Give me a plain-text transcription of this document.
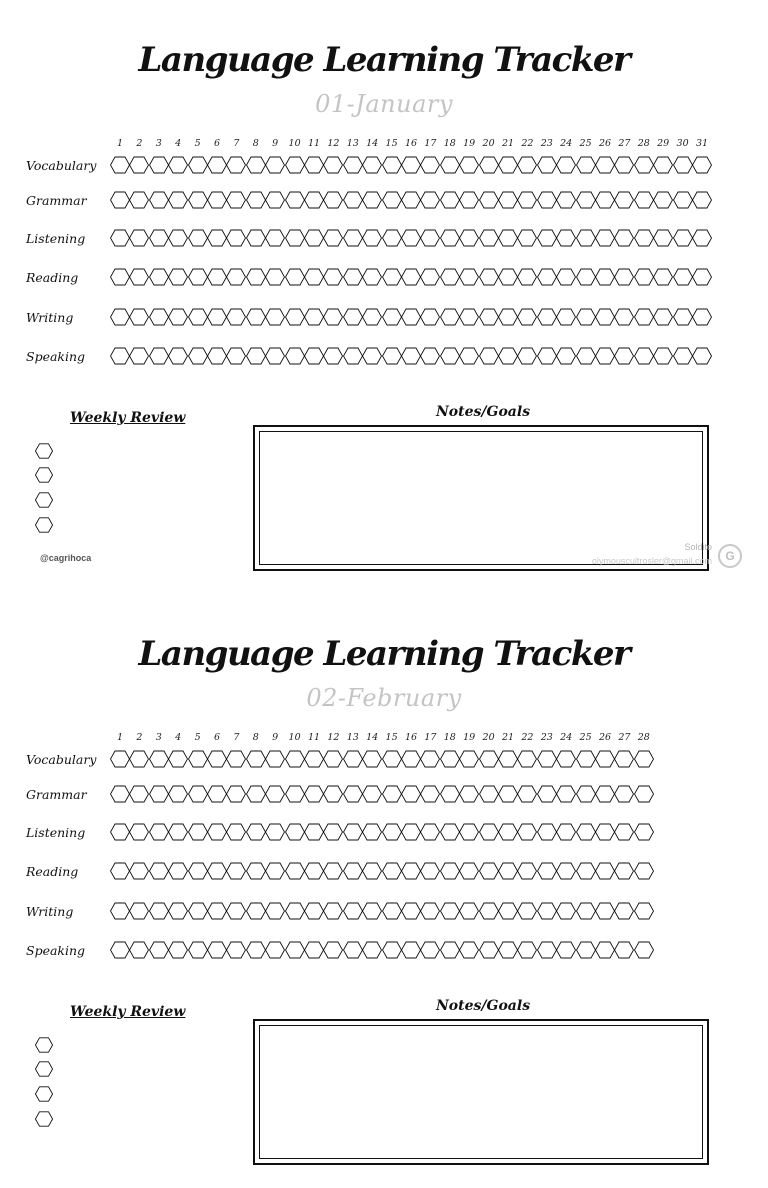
Language Learning Tracker
01-January
1	2	3	4	5	6	7	8	9	10 11 12 13 14 15 16 17 18 19 20 21 22 23 24 25 26 27 28 29 30 31
Vocabulary
Grammar
Listening
Reading
Writing
Speaking
Weekly Review
@cagrihoca
Notes/Goals
Soldito
olymouscultrosler@gmail.com	G
Language Learning Tracker
02-February
1	2	3	4	5	6	7	8	9	10 11 12 13 14 15 16 17 18 19 20 21 22 23 24 25 26 27 28
Vocabulary
Grammar
Listening
Reading
Writing
Speaking
Weekly Review	Notes/Goals
